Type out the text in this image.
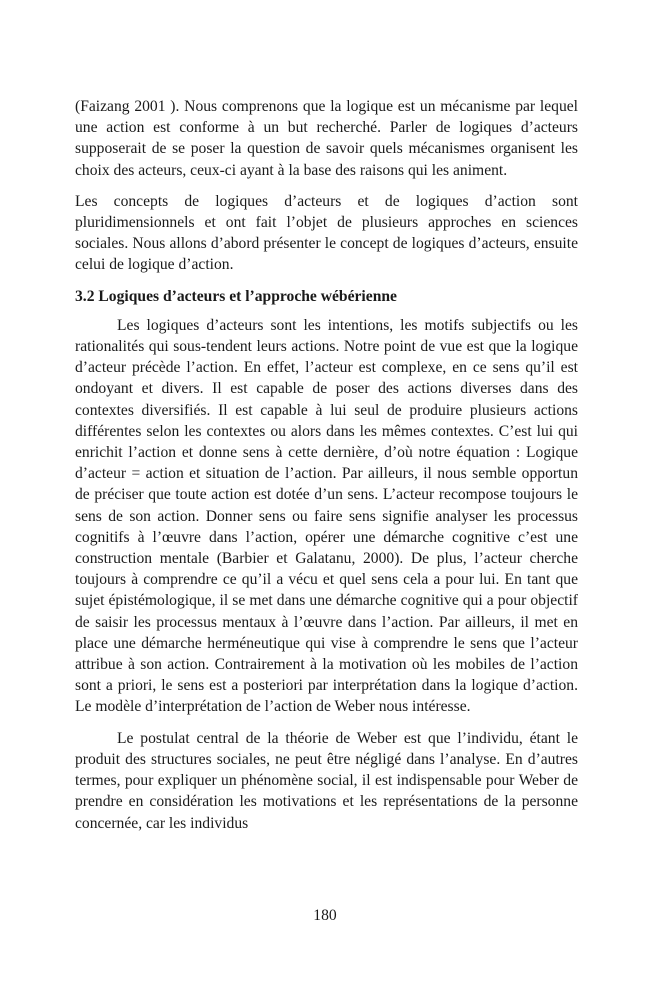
(Faizang 2001 ). Nous comprenons que la logique est un mécanisme par lequel une action est conforme à un but recherché. Parler de logiques d’acteurs supposerait de se poser la question de savoir quels mécanismes organisent les choix des acteurs, ceux-ci ayant à la base des raisons qui les animent.

Les concepts de logiques d’acteurs et de logiques d’action sont pluridimensionnels et ont fait l’objet de plusieurs approches en sciences sociales. Nous allons d’abord présenter le concept de logiques d’acteurs, ensuite celui de logique d’action.

3.2 Logiques d’acteurs et l’approche wébérienne

Les logiques d’acteurs sont les intentions, les motifs subjectifs ou les rationalités qui sous-tendent leurs actions. Notre point de vue est que la logique d’acteur précède l’action. En effet, l’acteur est complexe, en ce sens qu’il est ondoyant et divers. Il est capable de poser des actions diverses dans des contextes diversifiés. Il est capable à lui seul de produire plusieurs actions différentes selon les contextes ou alors dans les mêmes contextes. C’est lui qui enrichit l’action et donne sens à cette dernière, d’où notre équation : Logique d’acteur = action et situation de l’action. Par ailleurs, il nous semble opportun de préciser que toute action est dotée d’un sens. L’acteur recompose toujours le sens de son action. Donner sens ou faire sens signifie analyser les processus cognitifs à l’œuvre dans l’action, opérer une démarche cognitive c’est une construction mentale (Barbier et Galatanu, 2000). De plus, l’acteur cherche toujours à comprendre ce qu’il a vécu et quel sens cela a pour lui. En tant que sujet épistémologique, il se met dans une démarche cognitive qui a pour objectif de saisir les processus mentaux à l’œuvre dans l’action. Par ailleurs, il met en place une démarche herméneutique qui vise à comprendre le sens que l’acteur attribue à son action. Contrairement à la motivation où les mobiles de l’action sont a priori, le sens est a posteriori par interprétation dans la logique d’action. Le modèle d’interprétation de l’action de Weber nous intéresse.

Le postulat central de la théorie de Weber est que l’individu, étant le produit des structures sociales, ne peut être négligé dans l’analyse. En d’autres termes, pour expliquer un phénomène social, il est indispensable pour Weber de prendre en considération les motivations et les représentations de la personne concernée, car les individus

180
